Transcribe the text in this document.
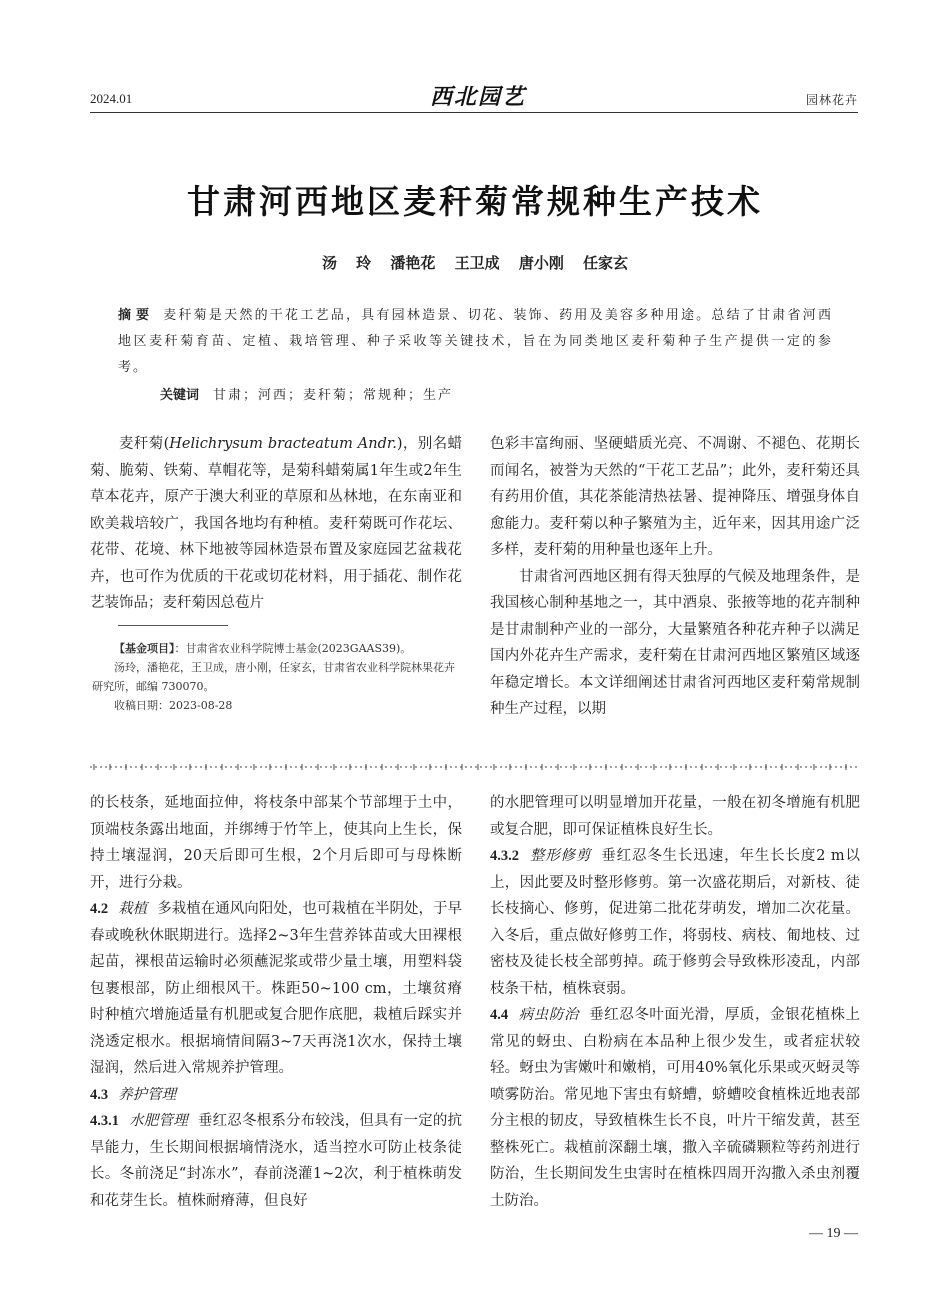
2024.01	西北园艺	园林花卉
甘肃河西地区麦秆菊常规种生产技术
汤 玲 潘艳花 王卫成 唐小刚 任家玄
摘 要 麦秆菊是天然的干花工艺品，具有园林造景、切花、装饰、药用及美容多种用途。总结了甘肃省河西地区麦秆菊育苗、定植、栽培管理、种子采收等关键技术，旨在为同类地区麦秆菊种子生产提供一定的参考。
关键词 甘肃；河西；麦秆菊；常规种；生产

麦秆菊(Helichrysum bracteatum Andr.)，别名蜡菊、脆菊、铁菊、草帽花等，是菊科蜡菊属1年生或2年生草本花卉，原产于澳大利亚的草原和丛林地，在东南亚和欧美栽培较广，我国各地均有种植。麦秆菊既可作花坛、花带、花境、林下地被等园林造景布置及家庭园艺盆栽花卉，也可作为优质的干花或切花材料，用于插花、制作花艺装饰品；麦秆菊因总苞片

【基金项目】：甘肃省农业科学院博士基金(2023GAAS39)。

汤玲，潘艳花，王卫成，唐小刚，任家玄，甘肃省农业科学院林果花卉研究所，邮编 730070。

收稿日期：2023-08-28

色彩丰富绚丽、坚硬蜡质光亮、不凋谢、不褪色、花期长而闻名，被誉为天然的“干花工艺品”；此外，麦秆菊还具有药用价值，其花茶能清热祛暑、提神降压、增强身体自愈能力。麦秆菊以种子繁殖为主，近年来，因其用途广泛多样，麦秆菊的用种量也逐年上升。

甘肃省河西地区拥有得天独厚的气候及地理条件，是我国核心制种基地之一，其中酒泉、张掖等地的花卉制种是甘肃制种产业的一部分，大量繁殖各种花卉种子以满足国内外花卉生产需求，麦秆菊在甘肃河西地区繁殖区域逐年稳定增长。本文详细阐述甘肃省河西地区麦秆菊常规制种生产过程，以期

的长枝条，延地面拉伸，将枝条中部某个节部埋于土中，顶端枝条露出地面，并绑缚于竹竿上，使其向上生长，保持土壤湿润，20天后即可生根，2个月后即可与母株断开，进行分栽。

4.2 栽植 多栽植在通风向阳处，也可栽植在半阴处，于早春或晚秋休眠期进行。选择2~3年生营养钵苗或大田裸根起苗，裸根苗运输时必须蘸泥浆或带少量土壤，用塑料袋包裹根部，防止细根风干。株距50~100 cm，土壤贫瘠时种植穴增施适量有机肥或复合肥作底肥，栽植后踩实并浇透定根水。根据墒情间隔3~7天再浇1次水，保持土壤湿润，然后进入常规养护管理。

4.3 养护管理

4.3.1 水肥管理 垂红忍冬根系分布较浅，但具有一定的抗旱能力，生长期间根据墒情浇水，适当控水可防止枝条徒长。冬前浇足“封冻水”，春前浇灌1~2次，利于植株萌发和花芽生长。植株耐瘠薄，但良好

的水肥管理可以明显增加开花量，一般在初冬增施有机肥或复合肥，即可保证植株良好生长。

4.3.2 整形修剪 垂红忍冬生长迅速，年生长长度2 m以上，因此要及时整形修剪。第一次盛花期后，对新枝、徒长枝摘心、修剪，促进第二批花芽萌发，增加二次花量。入冬后，重点做好修剪工作，将弱枝、病枝、匍地枝、过密枝及徒长枝全部剪掉。疏于修剪会导致株形凌乱，内部枝条干枯，植株衰弱。

4.4 病虫防治 垂红忍冬叶面光滑，厚质，金银花植株上常见的蚜虫、白粉病在本品种上很少发生，或者症状较轻。蚜虫为害嫩叶和嫩梢，可用40%氧化乐果或灭蚜灵等喷雾防治。常见地下害虫有蛴螬，蛴螬咬食植株近地表部分主根的韧皮，导致植株生长不良，叶片干缩发黄，甚至整株死亡。栽植前深翻土壤，撒入辛硫磷颗粒等药剂进行防治，生长期间发生虫害时在植株四周开沟撒入杀虫剂覆土防治。

— 19 —
